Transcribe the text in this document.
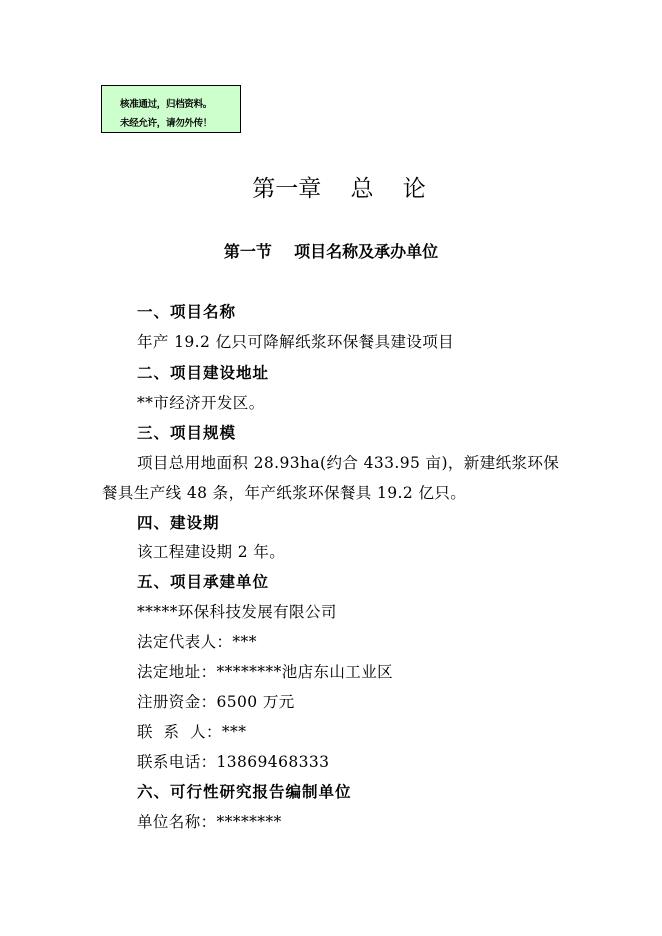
核准通过，归档资料。
未经允许，请勿外传！
第一章    总    论
第一节    项目名称及承办单位
一、项目名称
年产 19.2 亿只可降解纸浆环保餐具建设项目
二、项目建设地址
**市经济开发区。
三、项目规模
项目总用地面积 28.93ha(约合 433.95 亩)，新建纸浆环保
餐具生产线 48 条，年产纸浆环保餐具 19.2 亿只。
四、建设期
该工程建设期 2 年。
五、项目承建单位
*****环保科技发展有限公司
法定代表人：***
法定地址：********池店东山工业区
注册资金：6500 万元
联  系  人：***
联系电话：13869468333
六、可行性研究报告编制单位
单位名称：********
